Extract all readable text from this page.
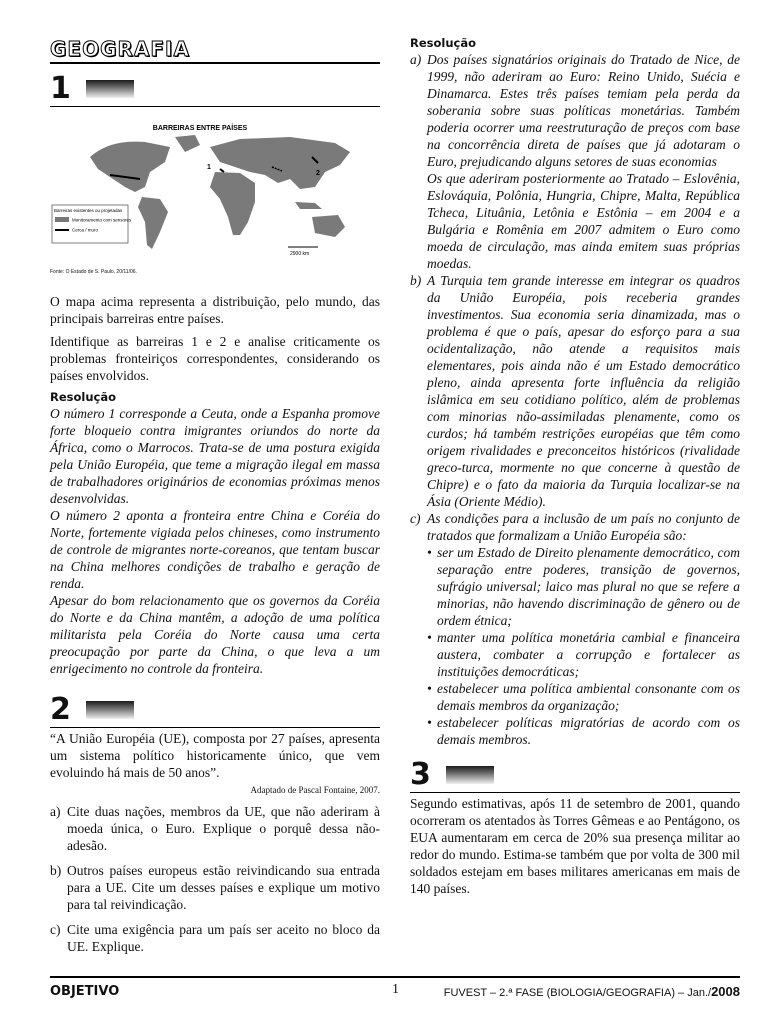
GEOGRAFIA
1
BARREIRAS ENTRE PAÍSES
1
2
Barreiras existentes ou projetadas
Monitoramento com sensores
Cerca / muro
2900 km
Fonte: O Estado de S. Paulo, 20/11/06.

O mapa acima representa a distribuição, pelo mundo, das principais barreiras entre países.

Identifique as barreiras 1 e 2 e analise criticamente os problemas fronteiriços correspondentes, considerando os países envolvidos.

Resolução

O número 1 corresponde a Ceuta, onde a Espanha promove forte bloqueio contra imigrantes oriundos do norte da África, como o Marrocos. Trata-se de uma postura exigida pela União Européia, que teme a migração ilegal em massa de trabalhadores originários de economias próximas menos desenvolvidas.

O número 2 aponta a fronteira entre China e Coréia do Norte, fortemente vigiada pelos chineses, como instrumento de controle de migrantes norte-coreanos, que tentam buscar na China melhores condições de trabalho e geração de renda.

Apesar do bom relacionamento que os governos da Coréia do Norte e da China mantêm, a adoção de uma política militarista pela Coréia do Norte causa uma certa preocupação por parte da China, o que leva a um enrigecimento no controle da fronteira.

2

“A União Européia (UE), composta por 27 países, apresenta um sistema político historicamente único, que vem evoluindo há mais de 50 anos”.

Adaptado de Pascal Fontaine, 2007.
a) Cite duas nações, membros da UE, que não aderiram à moeda única, o Euro. Explique o porquê dessa não-adesão.
b) Outros países europeus estão reivindicando sua entrada para a UE. Cite um desses países e explique um motivo para tal reivindicação.
c) Cite uma exigência para um país ser aceito no bloco da UE. Explique.
Resolução
a) Dos países signatários originais do Tratado de Nice, de 1999, não aderiram ao Euro: Reino Unido, Suécia e Dinamarca. Estes três países temiam pela perda da soberania sobre suas políticas monetárias. Também poderia ocorrer uma reestruturação de preços com base na concorrência direta de países que já adotaram o Euro, prejudicando alguns setores de suas economias
Os que aderiram posteriormente ao Tratado – Eslovênia, Eslováquia, Polônia, Hungria, Chipre, Malta, República Tcheca, Lituânia, Letônia e Estônia – em 2004 e a Bulgária e Romênia em 2007 admitem o Euro como moeda de circulação, mas ainda emitem suas próprias moedas.
b) A Turquia tem grande interesse em integrar os quadros da União Européia, pois receberia grandes investimentos. Sua economia seria dinamizada, mas o problema é que o país, apesar do esforço para a sua ocidentalização, não atende a requisitos mais elementares, pois ainda não é um Estado democrático pleno, ainda apresenta forte influência da religião islâmica em seu cotidiano político, além de problemas com minorias não-assimiladas plenamente, como os curdos; há também restrições européias que têm como origem rivalidades e preconceitos históricos (rivalidade greco-turca, mormente no que concerne à questão de Chipre) e o fato da maioria da Turquia localizar-se na Ásia (Oriente Médio).
c) As condições para a inclusão de um país no conjunto de tratados que formalizam a União Européia são:
• ser um Estado de Direito plenamente democrático, com separação entre poderes, transição de governos, sufrágio universal; laico mas plural no que se refere a minorias, não havendo discriminação de gênero ou de ordem étnica;
• manter uma política monetária cambial e financeira austera, combater a corrupção e fortalecer as instituições democráticas;
• estabelecer uma política ambiental consonante com os demais membros da organização;
• estabelecer políticas migratórias de acordo com os demais membros.
3

Segundo estimativas, após 11 de setembro de 2001, quando ocorreram os atentados às Torres Gêmeas e ao Pentágono, os EUA aumentaram em cerca de 20% sua presença militar ao redor do mundo. Estima-se também que por volta de 300 mil soldados estejam em bases militares americanas em mais de 140 países.

OBJETIVO	1	FUVEST – 2.ª FASE (BIOLOGIA/GEOGRAFIA) – Jan./2008
